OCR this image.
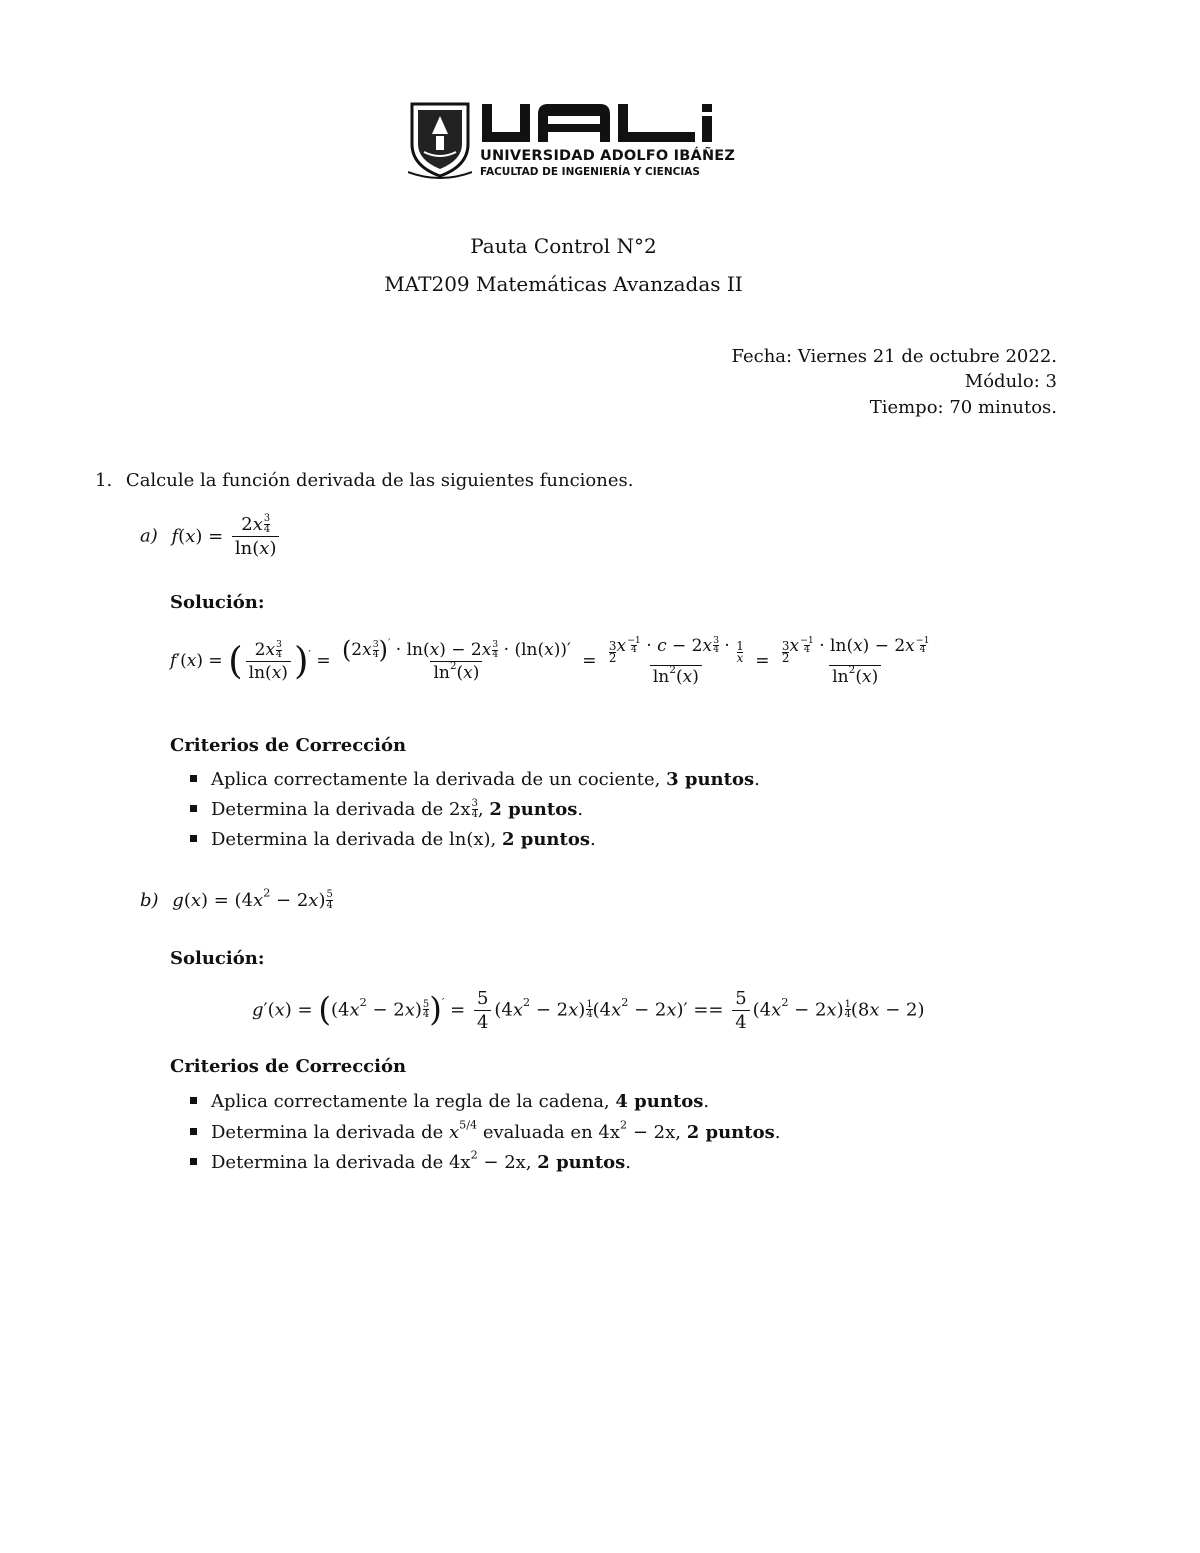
UNIVERSIDAD ADOLFO IBÁÑEZ
FACULTAD DE INGENIERÍA Y CIENCIAS
Pauta Control N°2
MAT209 Matemáticas Avanzadas II
Fecha: Viernes 21 de octubre 2022.
Módulo: 3
Tiempo: 70 minutos.
1. Calcule la función derivada de las siguientes funciones.
a) $f(x) = \frac{2x \frac{3}{4}}{\ln(x)}$
Solución:
f′(x) = ( $\frac{2x \frac{3}{4}}{\ln(x)} )' = \frac{(2x \frac{3}{4} )' \cdot \ln(x) - 2x \frac{3}{4} \cdot (\ln(x))'}{\ln^2(x)} = \frac{\frac{3}{2} x \frac{-1}{4} \cdot c - 2x \frac{3}{4} \cdot \frac{1}{x}}{\ln^2(x)} = \frac{\frac{3}{2} x \frac{-1}{4} \cdot \ln(x) - 2x \frac{-1}{4}}{\ln^2(x)}$
Criterios de Corrección
Aplica correctamente la derivada de un cociente, 3 puntos.
Determina la derivada de $2x \frac{3}{4}$ , 2 puntos.
Determina la derivada de ln(x), 2 puntos.
b) $g(x) = (4x^2 - 2x) \frac{5}{4}$
Solución:
$g'(x) = ((4x^2 - 2x) \frac{5}{4} )' = \frac{5}{4} (4x^2 - 2x) \frac{1}{4} (4x^2 - 2x)' == \frac{5}{4} (4x^2 - 2x) \frac{1}{4} (8x - 2)$
Criterios de Corrección
Aplica correctamente la regla de la cadena, 4 puntos.
Determina la derivada de $x^{5/4}$ evaluada en $4x^2 - 2x$, 2 puntos.
Determina la derivada de $4x^2 - 2x$, 2 puntos.
